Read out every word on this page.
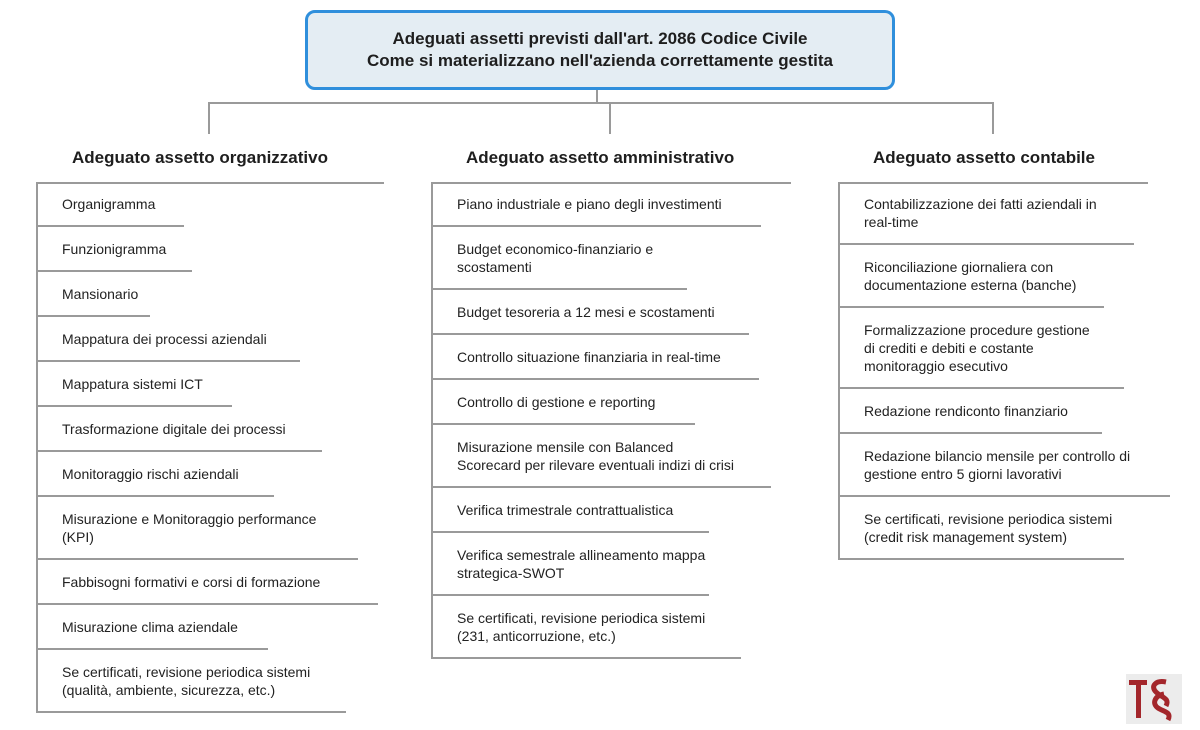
Adeguati assetti previsti dall'art. 2086 Codice Civile
Come si materializzano nell'azienda correttamente gestita
Adeguato assetto organizzativo	Adeguato assetto amministrativo	Adeguato assetto contabile
Organigramma
Funzionigramma
Mansionario
Mappatura dei processi aziendali
Mappatura sistemi ICT
Trasformazione digitale dei processi
Monitoraggio rischi aziendali
Misurazione e Monitoraggio performance
(KPI)
Fabbisogni formativi e corsi di formazione
Misurazione clima aziendale
Se certificati, revisione periodica sistemi
(qualità, ambiente, sicurezza, etc.)
Piano industriale e piano degli investimenti
Budget economico-finanziario e
scostamenti
Budget tesoreria a 12 mesi e scostamenti
Controllo situazione finanziaria in real-time
Controllo di gestione e reporting
Misurazione mensile con Balanced
Scorecard per rilevare eventuali indizi di crisi
Verifica trimestrale contrattualistica
Verifica semestrale allineamento mappa
strategica-SWOT
Se certificati, revisione periodica sistemi
(231, anticorruzione, etc.)
Contabilizzazione dei fatti aziendali in
real-time
Riconciliazione giornaliera con
documentazione esterna (banche)
Formalizzazione procedure gestione
di crediti e debiti e costante
monitoraggio esecutivo
Redazione rendiconto finanziario
Redazione bilancio mensile per controllo di
gestione entro 5 giorni lavorativi
Se certificati, revisione periodica sistemi
(credit risk management system)
